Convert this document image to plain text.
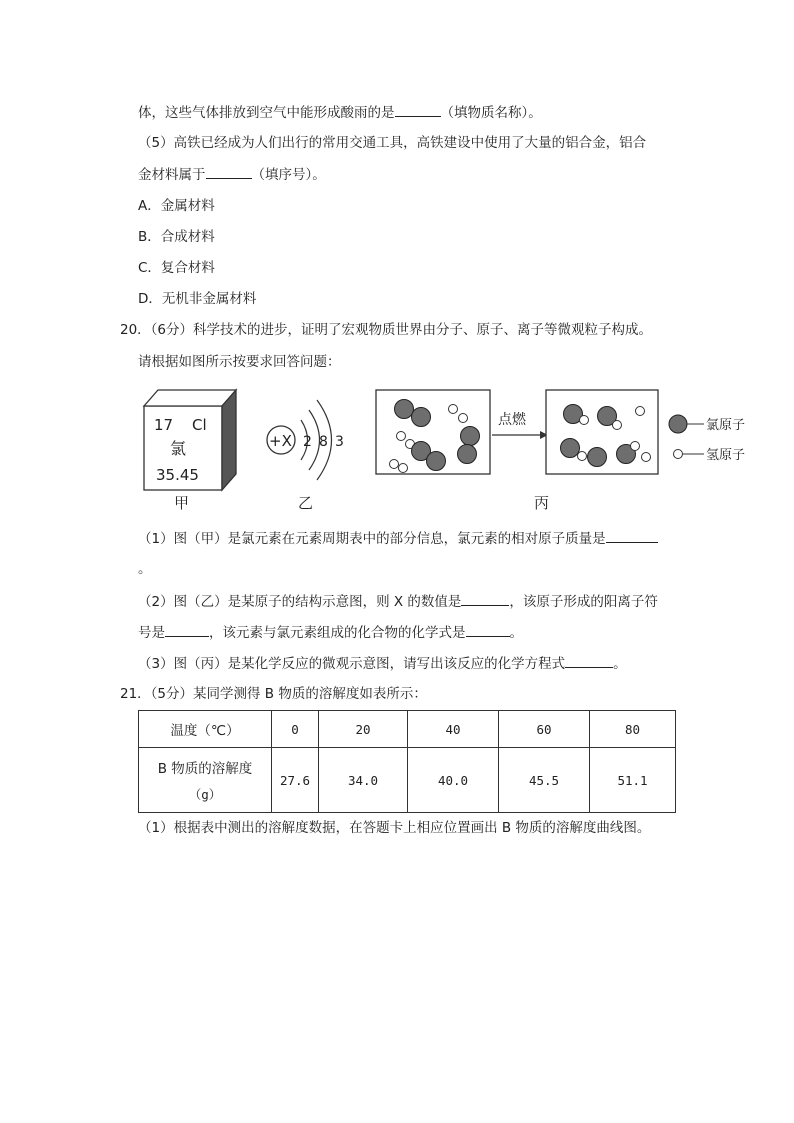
体，这些气体排放到空气中能形成酸雨的是	（填物质名称）。
（5）高铁已经成为人们出行的常用交通工具，高铁建设中使用了大量的铝合金，铝合
金材料属于	（填序号）。
A．金属材料
B．合成材料
C．复合材料
D．无机非金属材料
20．（6分）科学技术的进步，证明了宏观物质世界由分子、原子、离子等微观粒子构成。
请根据如图所示按要求回答问题：
17 Cl
氯
35.45
甲
+X 2 8 3
乙
点燃
丙
氯原子
氢原子
（1）图（甲）是氯元素在元素周期表中的部分信息，氯元素的相对原子质量是
。
（2）图（乙）是某原子的结构示意图，则 X 的数值是	，该原子形成的阳离子符
号是	，该元素与氯元素组成的化合物的化学式是	。
（3）图（丙）是某化学反应的微观示意图，请写出该反应的化学方程式	。
21．（5分）某同学测得 B 物质的溶解度如表所示：
温度（℃）	0	20	40	60	80

B 物质的溶解度
（g）	27.6	34.0	40.0	45.5	51.1
（1）根据表中测出的溶解度数据，在答题卡上相应位置画出 B 物质的溶解度曲线图。
